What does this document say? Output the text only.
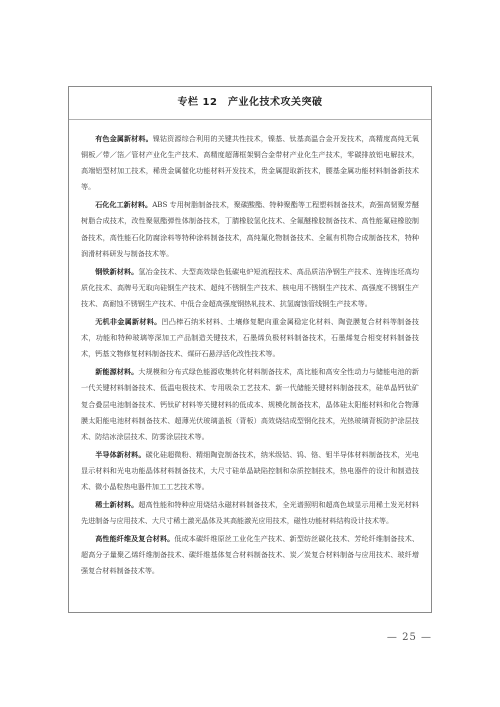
专栏 12　产业化技术攻关突破

有色金属新材料。镍钴资源综合利用的关键共性技术，镍基、钛基高温合金开发技术，高精度高纯无氧铜板／带／箔／管材产业化生产技术、高精度超薄框架铜合金带材产业化生产技术，零碳排放铝电解技术，高端铝型材加工技术，稀贵金属催化功能材料开发技术，贵金属提取新技术，腰基金属功能材料制备新技术等。

石化化工新材料。ABS 专用树脂制备技术，聚碳酸酯、特种聚酯等工程塑料制备技术，高强高韧聚芳醚树脂合成技术，改性聚氨酯弹性体制备技术，丁腈橡胶氢化技术、全氟醚橡胶制备技术、高性能氟硅橡胶制备技术，高性能石化防腐涂料等特种涂料制备技术，高纯氟化物制备技术、全氟有机物合成制备技术，特种润滑材料研发与制备技术等。

钢铁新材料。氢冶金技术、大型高效绿色低碳电炉短流程技术、高品质洁净钢生产技术、连铸连坯高均质化技术、高牌号无取向硅钢生产技术、超纯不锈钢生产技术、核电用不锈钢生产技术、高强度不锈钢生产技术、高耐蚀不锈钢生产技术、中低合金超高强度钢热轧技术、抗氢腐蚀管线钢生产技术等。

无机非金属新材料。凹凸棒石纳米材料、土壤修复靶向重金属稳定化材料、陶瓷膜复合材料等制备技术，功能和特种玻璃等深加工产品制造关键技术，石墨烯负极材料制备技术，石墨烯复合相变材料制备技术，钙基文物修复材料制备技术、煤矸石悬浮活化改性技术等。

新能源材料。大规模和分布式绿色能源收集转化材料制备技术，高比能和高安全性动力与储能电池的新一代关键材料制备技术、低温电极技术、专用吸杂工艺技术、新一代储能关键材料制备技术，硅单晶钙钛矿复合叠层电池制备技术、钙钛矿材料等关键材料的低成本、规模化制备技术，晶体硅太阳能材料和化合物薄膜太阳能电池材料制备技术、超薄光伏玻璃盖板（背板）高效烧结成型钢化技术，光热玻璃背板防护涂层技术、防结冰涂层技术、防雾涂层技术等。

半导体新材料。碳化硅超微粉、精细陶瓷制备技术，纳米级钴、钨、铬、钼半导体材料制备技术，光电显示材料和光电功能晶体材料制备技术，大尺寸硅单晶缺陷控制和杂质控制技术，热电器件的设计和制造技术、微小晶粒热电器件加工工艺技术等。

稀土新材料。超高性能和特种应用烧结永磁材料制备技术，全光谱照明和超高色域显示用稀土发光材料先进制备与应用技术、大尺寸稀土激光晶体及其高能激光应用技术，磁性功能材料结构设计技术等。

高性能纤维及复合材料。低成本碳纤维原丝工业化生产技术、新型纺丝碳化技术、芳纶纤维制备技术、超高分子量聚乙烯纤维制备技术、碳纤维基体复合材料制备技术、炭／炭复合材料制备与应用技术、玻纤增强复合材料制备技术等。

— 25 —
